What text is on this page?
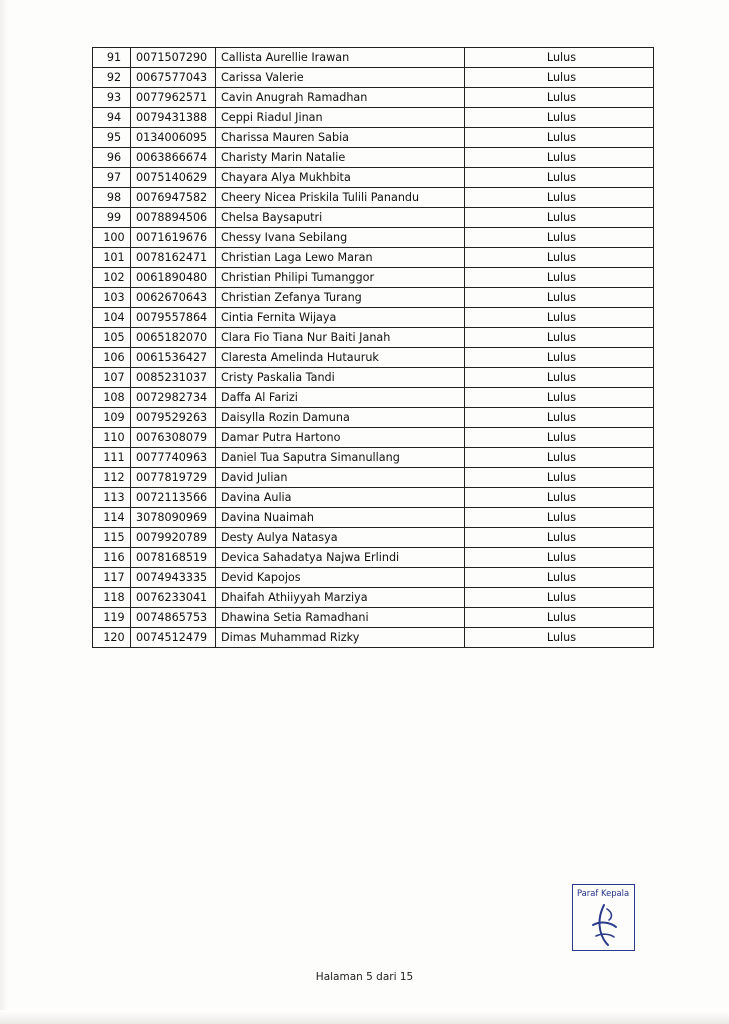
91	0071507290	Callista Aurellie Irawan	Lulus
92	0067577043	Carissa Valerie	Lulus
93	0077962571	Cavin Anugrah Ramadhan	Lulus
94	0079431388	Ceppi Riadul Jinan	Lulus
95	0134006095	Charissa Mauren Sabia	Lulus
96	0063866674	Charisty Marin Natalie	Lulus
97	0075140629	Chayara Alya Mukhbita	Lulus
98	0076947582	Cheery Nicea Priskila Tulili Panandu	Lulus
99	0078894506	Chelsa Baysaputri	Lulus
100	0071619676	Chessy Ivana Sebilang	Lulus
101	0078162471	Christian Laga Lewo Maran	Lulus
102	0061890480	Christian Philipi Tumanggor	Lulus
103	0062670643	Christian Zefanya Turang	Lulus
104	0079557864	Cintia Fernita Wijaya	Lulus
105	0065182070	Clara Fio Tiana Nur Baiti Janah	Lulus
106	0061536427	Claresta Amelinda Hutauruk	Lulus
107	0085231037	Cristy Paskalia Tandi	Lulus
108	0072982734	Daffa Al Farizi	Lulus
109	0079529263	Daisylla Rozin Damuna	Lulus
110	0076308079	Damar Putra Hartono	Lulus
111	0077740963	Daniel Tua Saputra Simanullang	Lulus
112	0077819729	David Julian	Lulus
113	0072113566	Davina Aulia	Lulus
114	3078090969	Davina Nuaimah	Lulus
115	0079920789	Desty Aulya Natasya	Lulus
116	0078168519	Devica Sahadatya Najwa Erlindi	Lulus
117	0074943335	Devid Kapojos	Lulus
118	0076233041	Dhaifah Athiiyyah Marziya	Lulus
119	0074865753	Dhawina Setia Ramadhani	Lulus
120	0074512479	Dimas Muhammad Rizky	Lulus
Paraf Kepala
Halaman 5 dari 15
